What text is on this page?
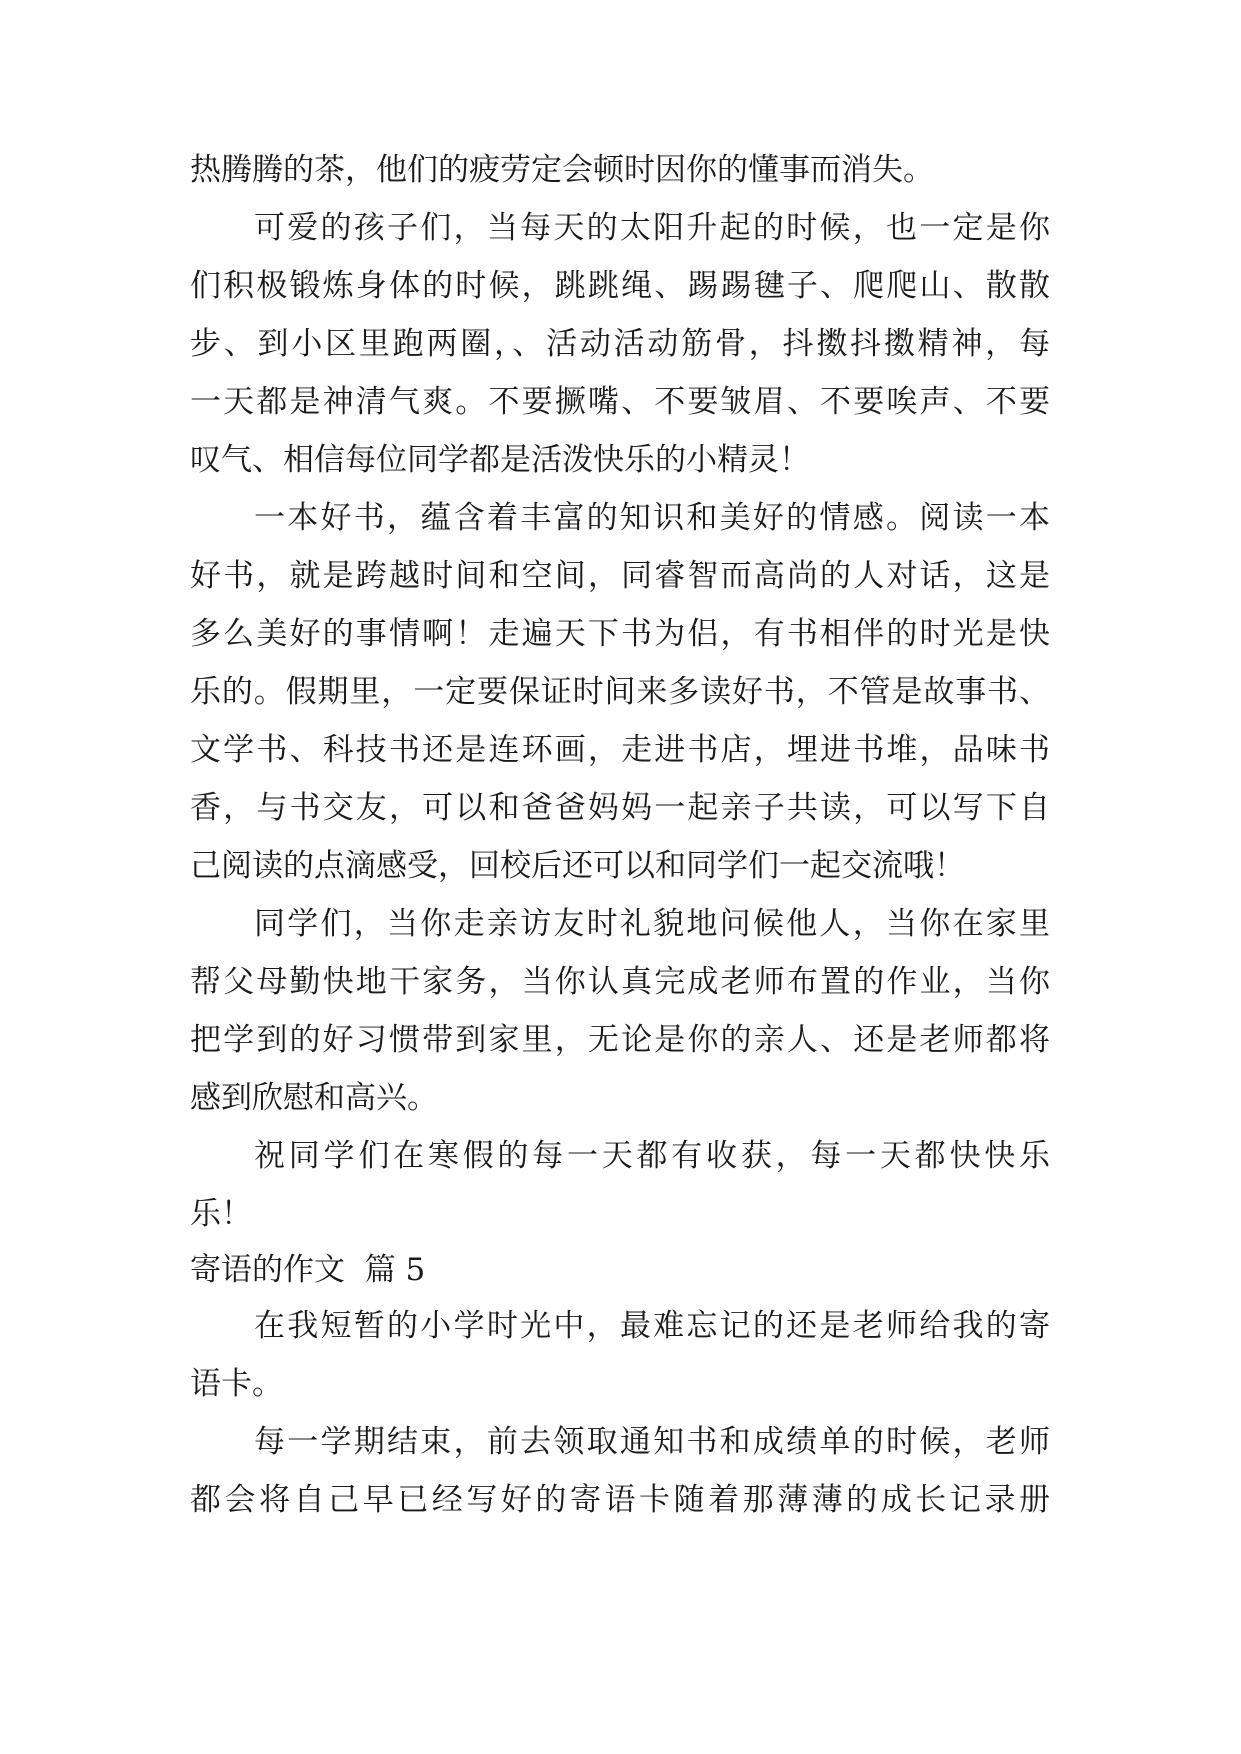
热腾腾的茶，他们的疲劳定会顿时因你的懂事而消失。
可爱的孩子们，当每天的太阳升起的时候，也一定是你
们积极锻炼身体的时候，跳跳绳、踢踢毽子、爬爬山、散散
步、到小区里跑两圈，、活动活动筋骨，抖擞抖擞精神，每
一天都是神清气爽。不要撅嘴、不要皱眉、不要唉声、不要
叹气、相信每位同学都是活泼快乐的小精灵！
一本好书，蕴含着丰富的知识和美好的情感。阅读一本
好书，就是跨越时间和空间，同睿智而高尚的人对话，这是
多么美好的事情啊！走遍天下书为侣，有书相伴的时光是快
乐的。假期里，一定要保证时间来多读好书，不管是故事书、
文学书、科技书还是连环画，走进书店，埋进书堆，品味书
香，与书交友，可以和爸爸妈妈一起亲子共读，可以写下自
己阅读的点滴感受，回校后还可以和同学们一起交流哦！
同学们，当你走亲访友时礼貌地问候他人，当你在家里
帮父母勤快地干家务，当你认真完成老师布置的作业，当你
把学到的好习惯带到家里，无论是你的亲人、还是老师都将
感到欣慰和高兴。
祝同学们在寒假的每一天都有收获，每一天都快快乐
乐！
寄语的作文  篇 5
在我短暂的小学时光中，最难忘记的还是老师给我的寄
语卡。
每一学期结束，前去领取通知书和成绩单的时候，老师
都会将自己早已经写好的寄语卡随着那薄薄的成长记录册
